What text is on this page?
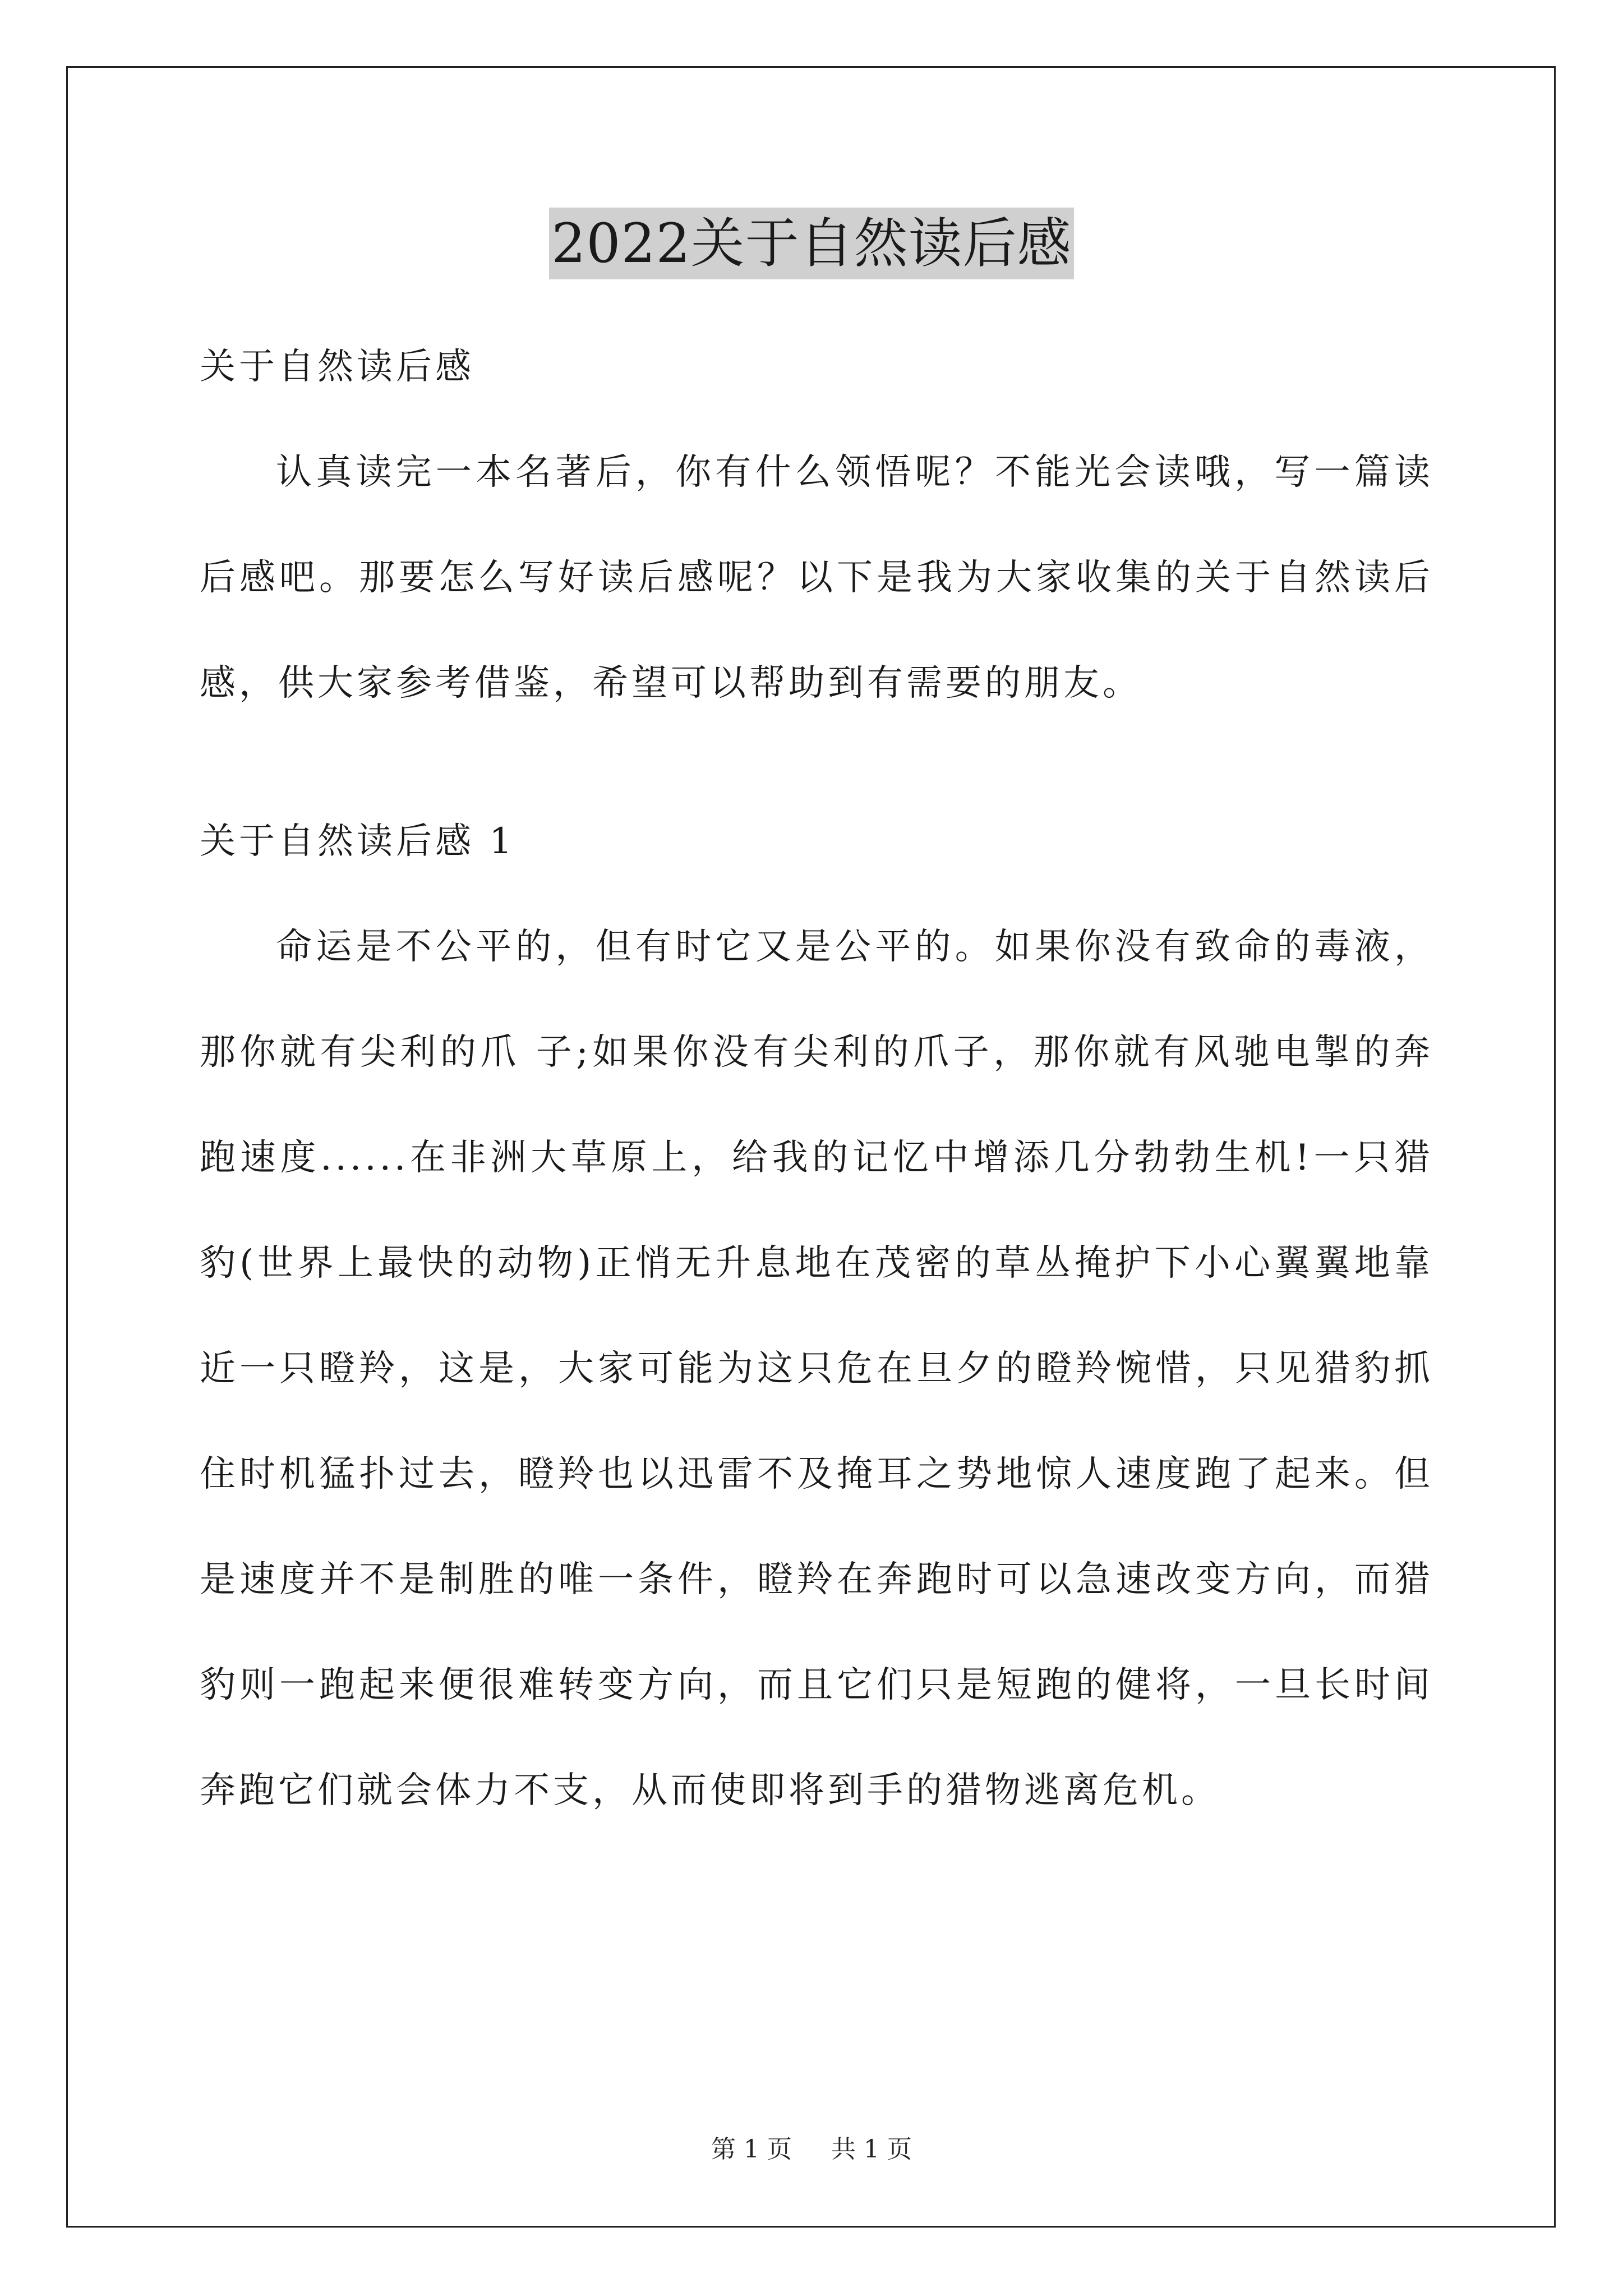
2022关于自然读后感

关于自然读后感

认真读完一本名著后，你有什么领悟呢？不能光会读哦，写一篇读后感吧。那要怎么写好读后感呢？以下是我为大家收集的关于自然读后感，供大家参考借鉴，希望可以帮助到有需要的朋友。

关于自然读后感 1

命运是不公平的，但有时它又是公平的。如果你没有致命的毒液，那你就有尖利的爪 子;如果你没有尖利的爪子，那你就有风驰电掣的奔跑速度......在非洲大草原上，给我的记忆中增添几分勃勃生机!一只猎豹(世界上最快的动物)正悄无升息地在茂密的草丛掩护下小心翼翼地靠近一只瞪羚，这是，大家可能为这只危在旦夕的瞪羚惋惜，只见猎豹抓住时机猛扑过去，瞪羚也以迅雷不及掩耳之势地惊人速度跑了起来。但是速度并不是制胜的唯一条件，瞪羚在奔跑时可以急速改变方向，而猎豹则一跑起来便很难转变方向，而且它们只是短跑的健将，一旦长时间奔跑它们就会体力不支，从而使即将到手的猎物逃离危机。

第 1 页 共 1 页
